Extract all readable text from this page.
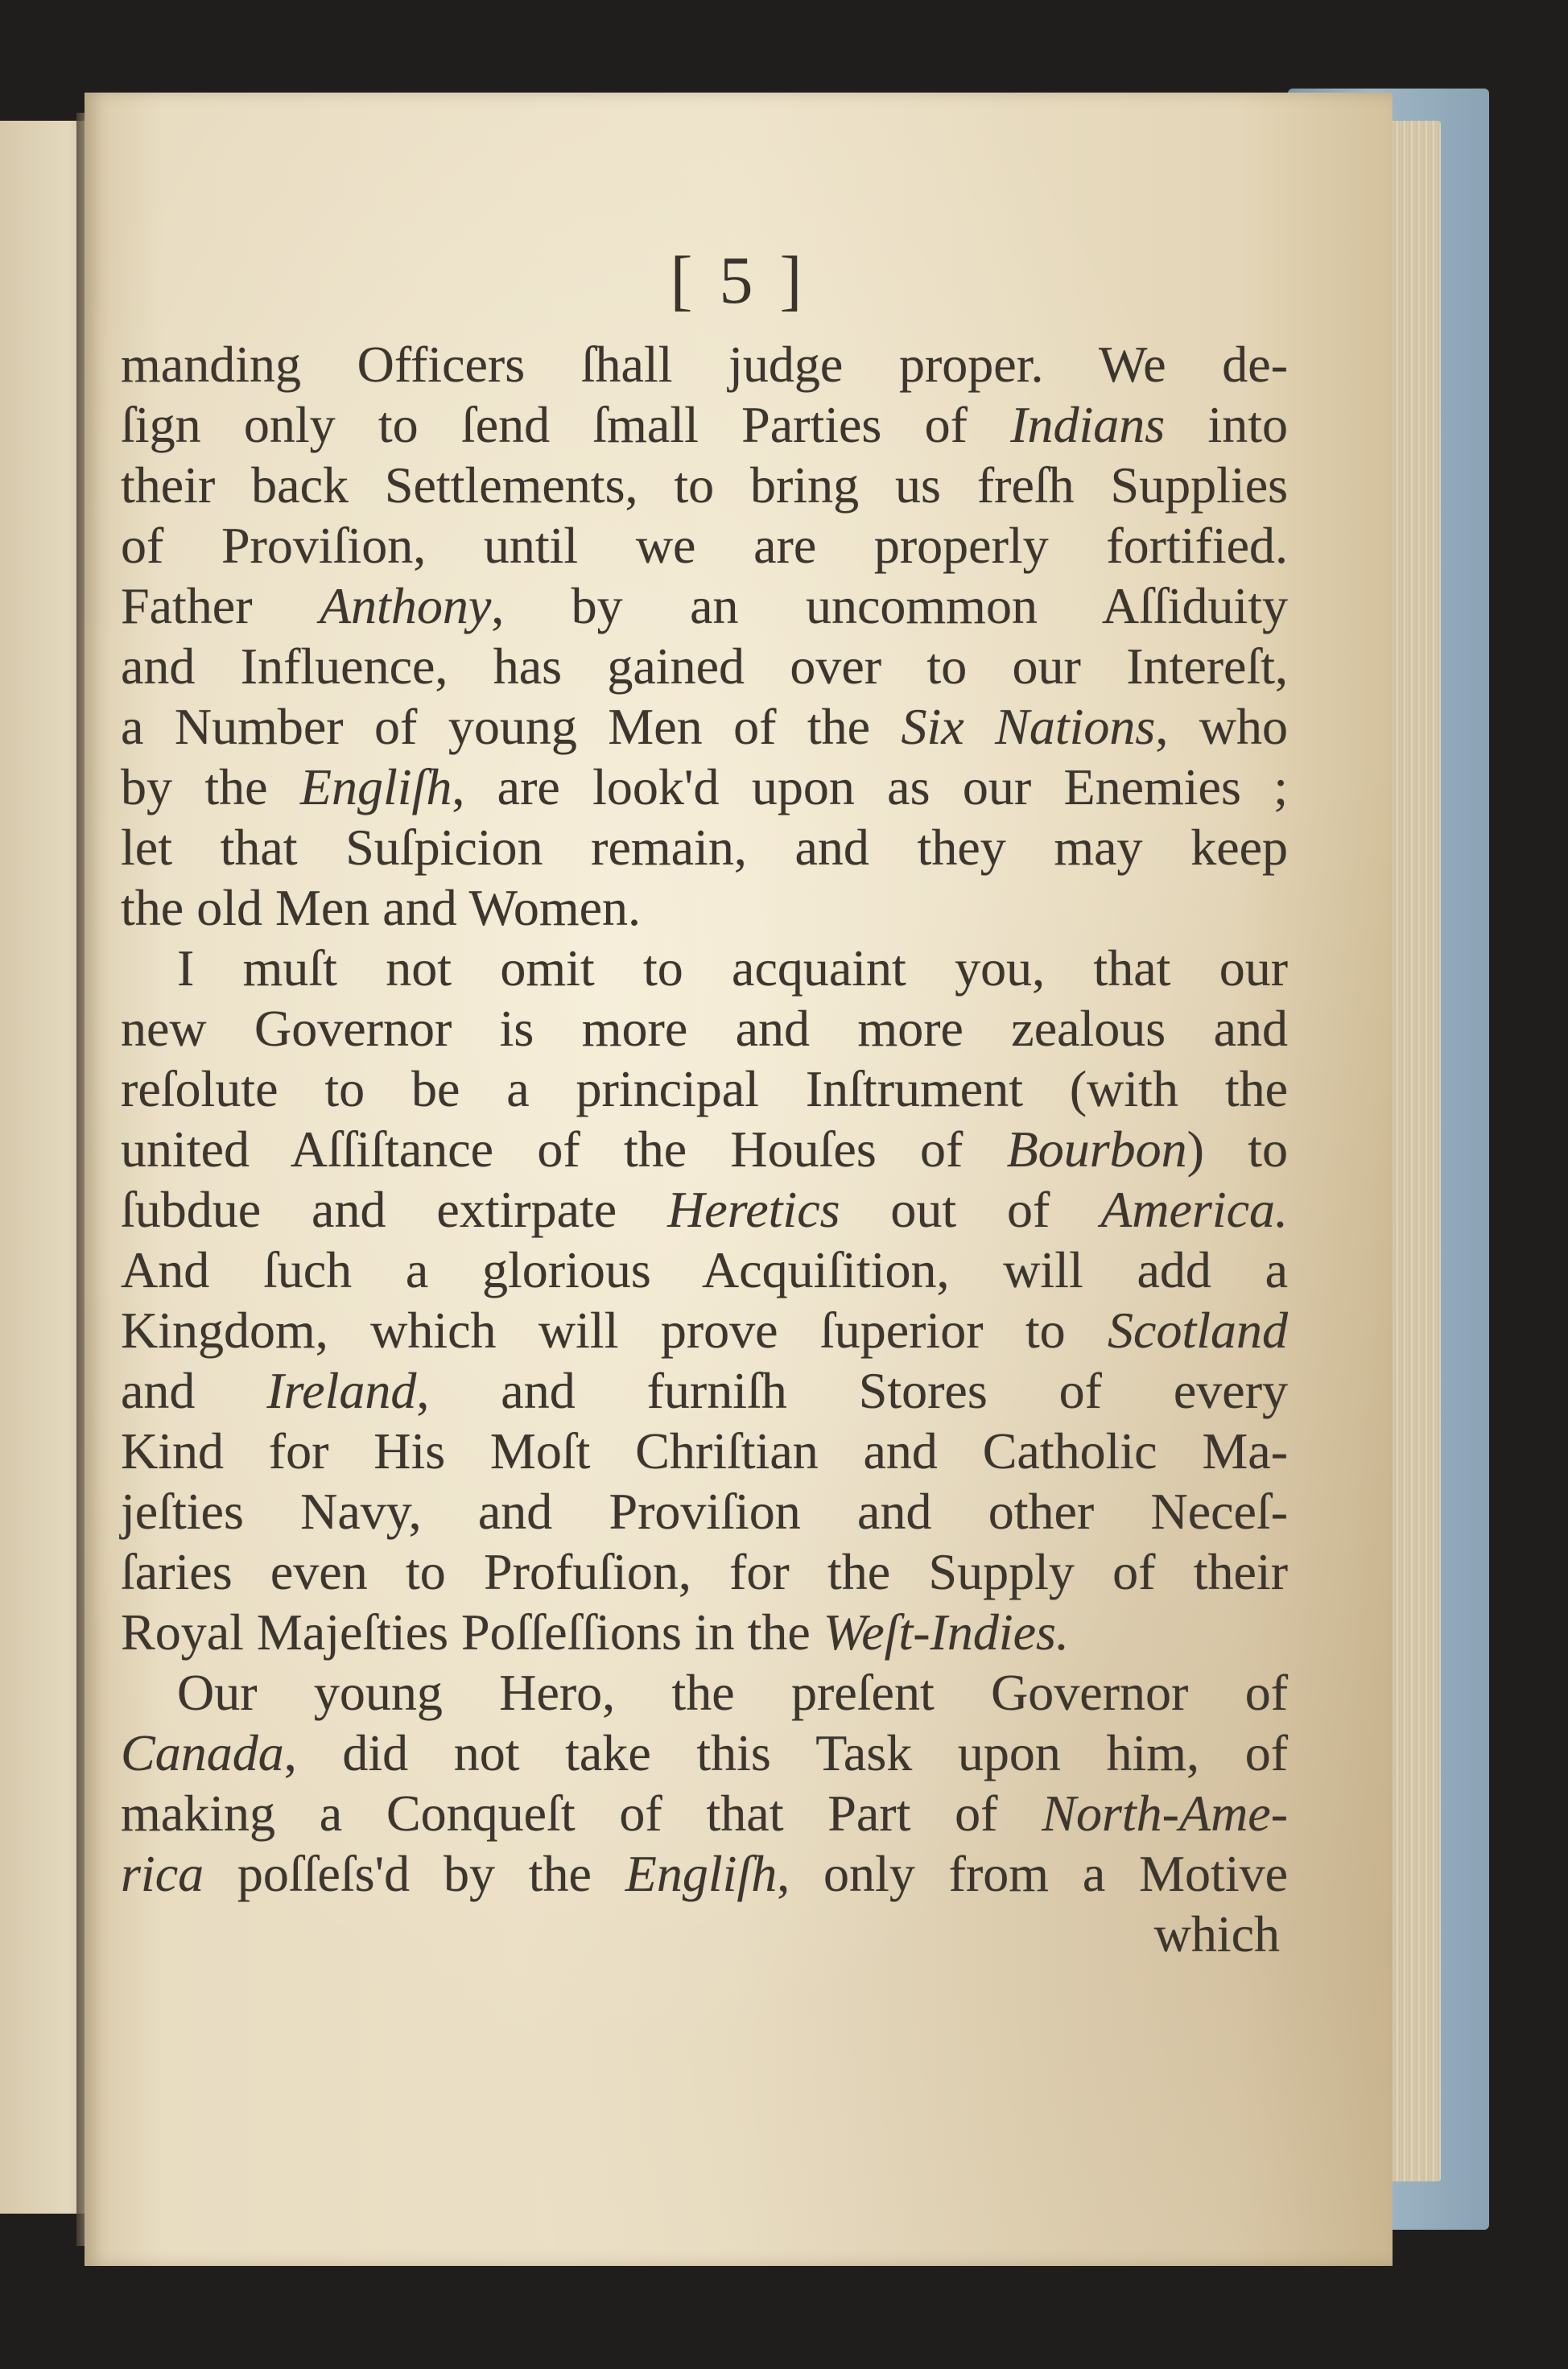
[ 5 ]
manding Officers ſhall judge proper. We de-
ſign only to ſend ſmall Parties of Indians into
their back Settlements, to bring us freſh Supplies
of Proviſion, until we are properly fortified.
Father Anthony, by an uncommon Aſſiduity
and Influence, has gained over to our Intereſt,
a Number of young Men of the Six Nations, who
by the Engliſh, are look'd upon as our Enemies ;
let that Suſpicion remain, and they may keep
the old Men and Women.
I muſt not omit to acquaint you, that our
new Governor is more and more zealous and
reſolute to be a principal Inſtrument (with the
united Aſſiſtance of the Houſes of Bourbon) to
ſubdue and extirpate Heretics out of America.
And ſuch a glorious Acquiſition, will add a
Kingdom, which will prove ſuperior to Scotland
and Ireland, and furniſh Stores of every
Kind for His Moſt Chriſtian and Catholic Ma-
jeſties Navy, and Proviſion and other Neceſ-
ſaries even to Profuſion, for the Supply of their
Royal Majeſties Poſſeſſions in the Weſt-Indies.
Our young Hero, the preſent Governor of
Canada, did not take this Task upon him, of
making a Conqueſt of that Part of North-Ame-
rica poſſeſs'd by the Engliſh, only from a Motive
which
